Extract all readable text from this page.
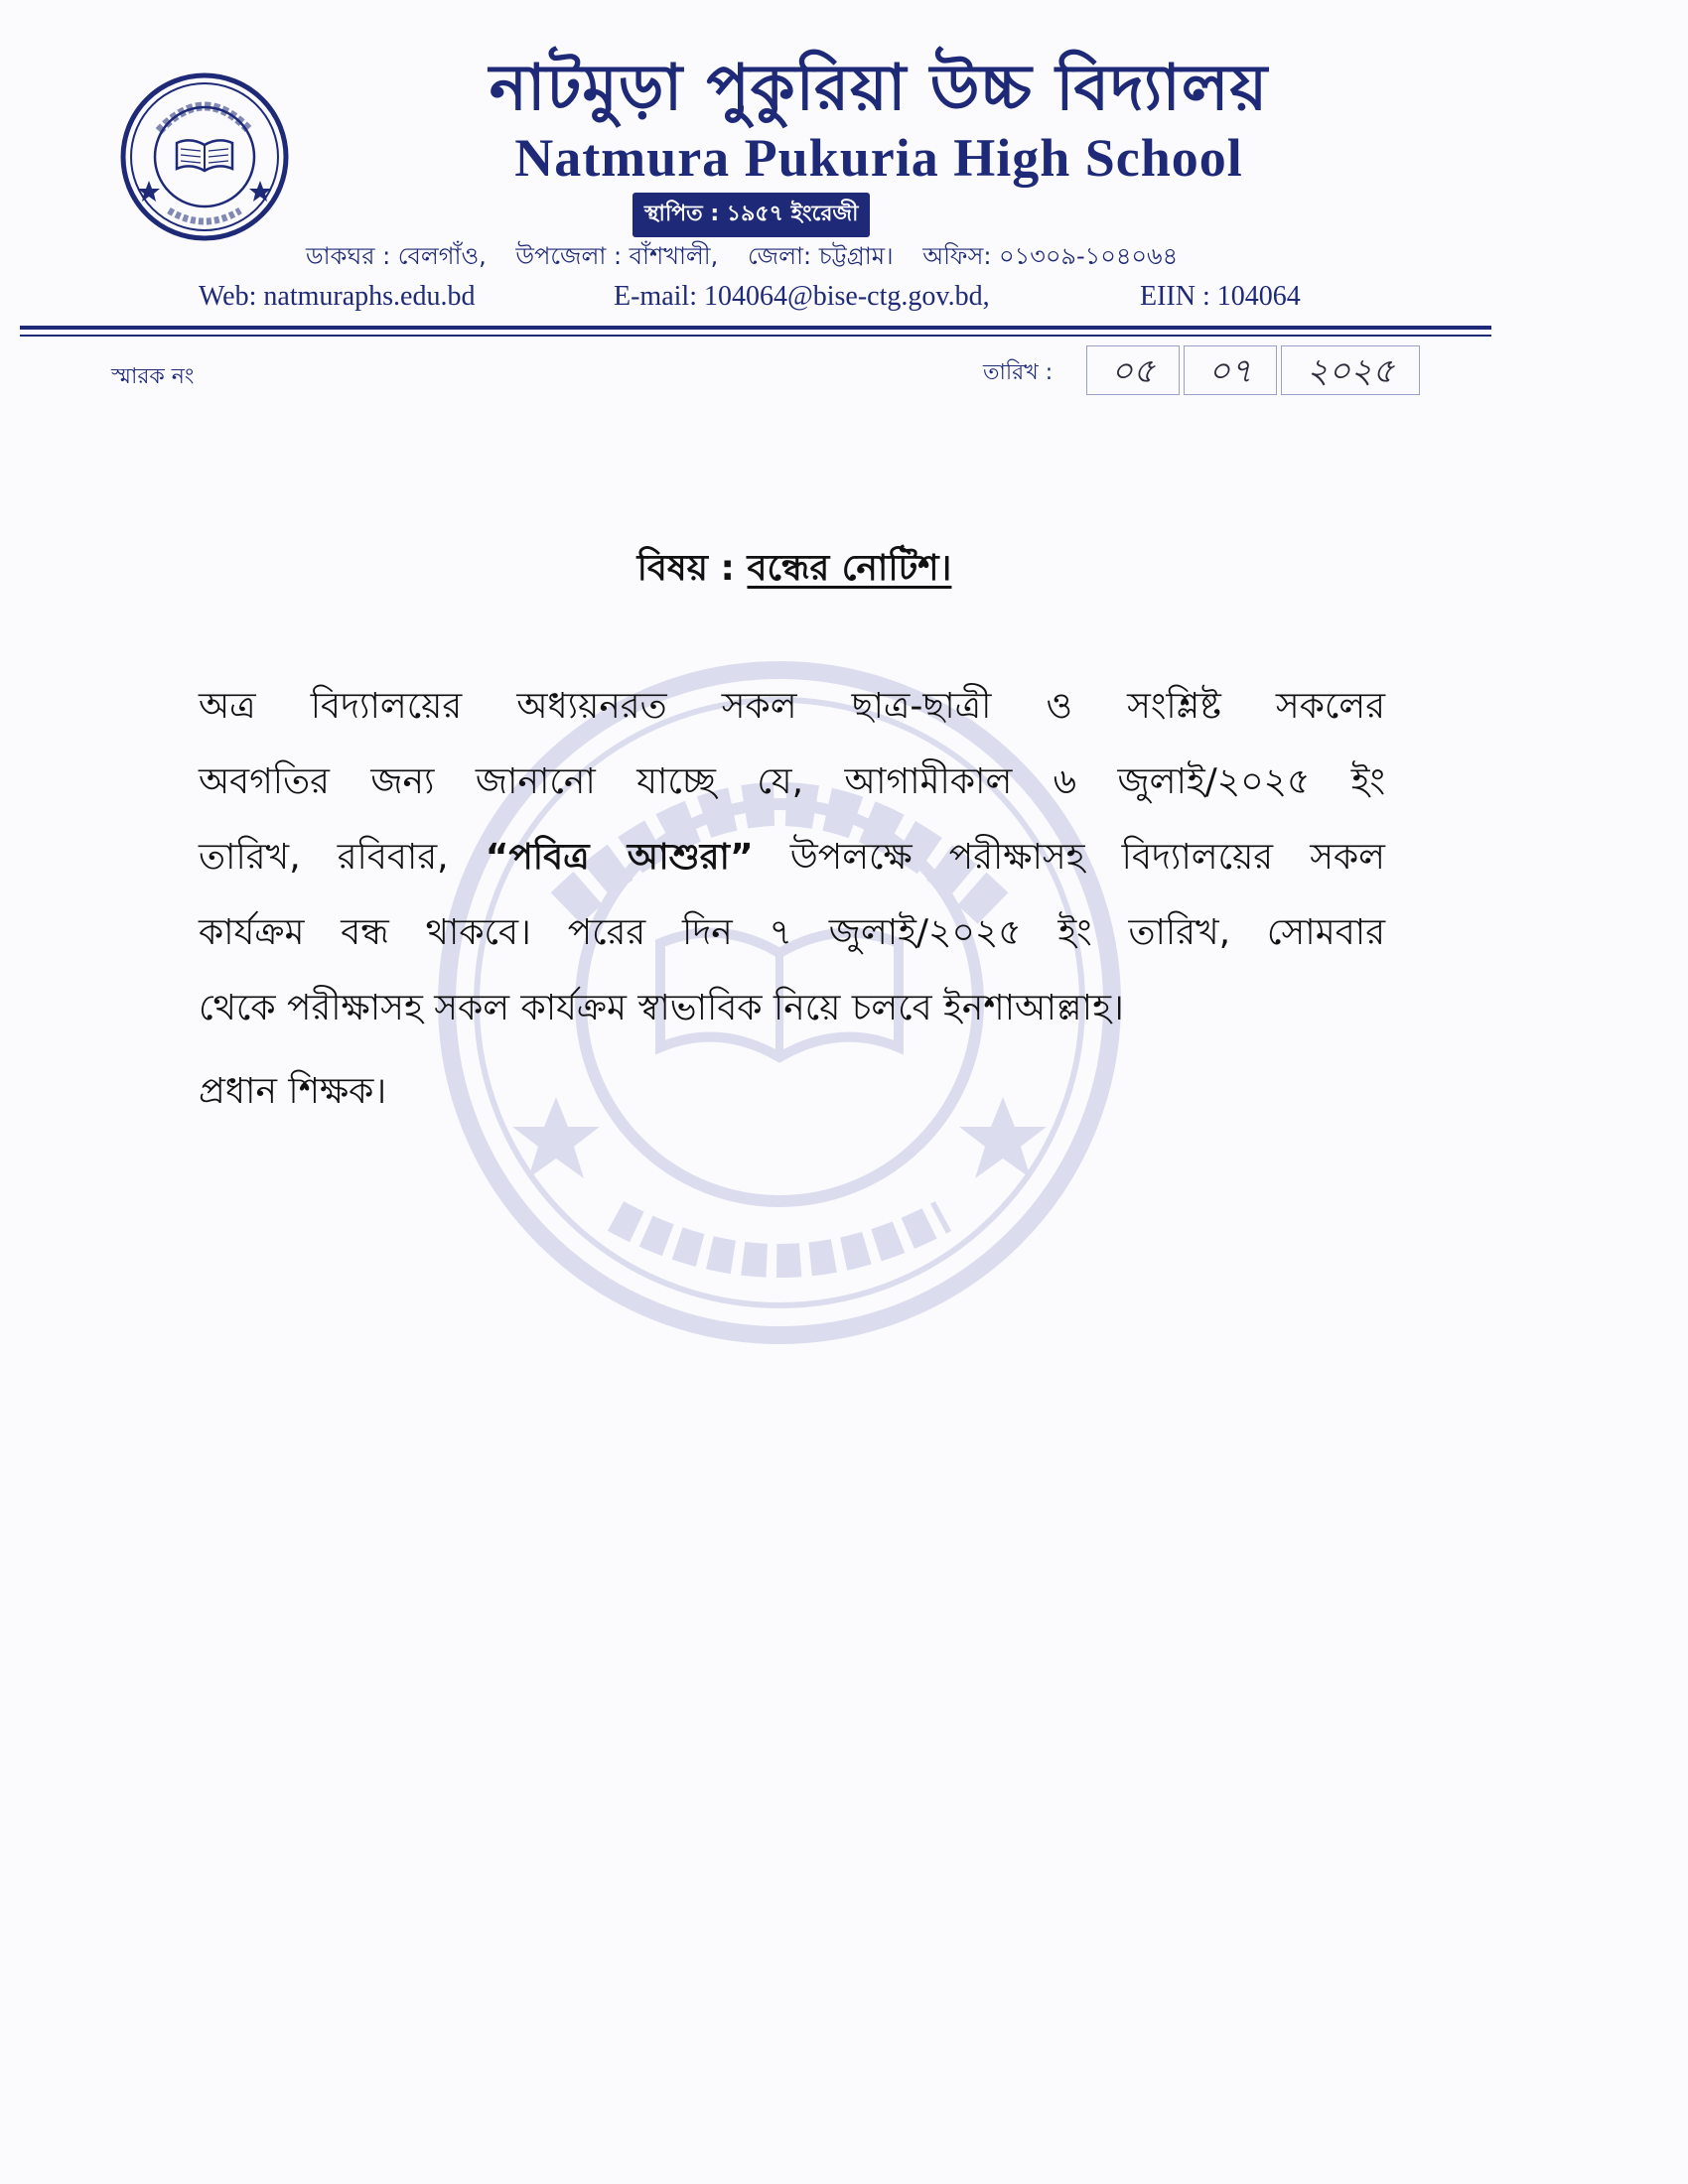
নাটমুড়া পুকুরিয়া উচ্চ বিদ্যালয়
Natmura Pukuria High School
স্থাপিত : ১৯৫৭ ইংরেজী
ডাকঘর : বেলগাঁও, উপজেলা : বাঁশখালী, জেলা: চট্টগ্রাম। অফিস: ০১৩০৯-১০৪০৬৪
Web: natmuraphs.edu.bd	E-mail: 104064@bise-ctg.gov.bd,	EIIN : 104064
স্মারক নং	তারিখ :	০৫	০৭	২০২৫
বিষয় : বন্ধের নোটিশ।
অত্র বিদ্যালয়ের অধ্যয়নরত সকল ছাত্র-ছাত্রী ও সংশ্লিষ্ট সকলের
অবগতির জন্য জানানো যাচ্ছে যে, আগামীকাল ৬ জুলাই/২০২৫ ইং
তারিখ, রবিবার, “পবিত্র আশুরা” উপলক্ষে পরীক্ষাসহ বিদ্যালয়ের সকল
কার্যক্রম বন্ধ থাকবে। পরের দিন ৭ জুলাই/২০২৫ ইং তারিখ, সোমবার
থেকে পরীক্ষাসহ সকল কার্যক্রম স্বাভাবিক নিয়ে চলবে ইনশাআল্লাহ।
প্রধান শিক্ষক।
